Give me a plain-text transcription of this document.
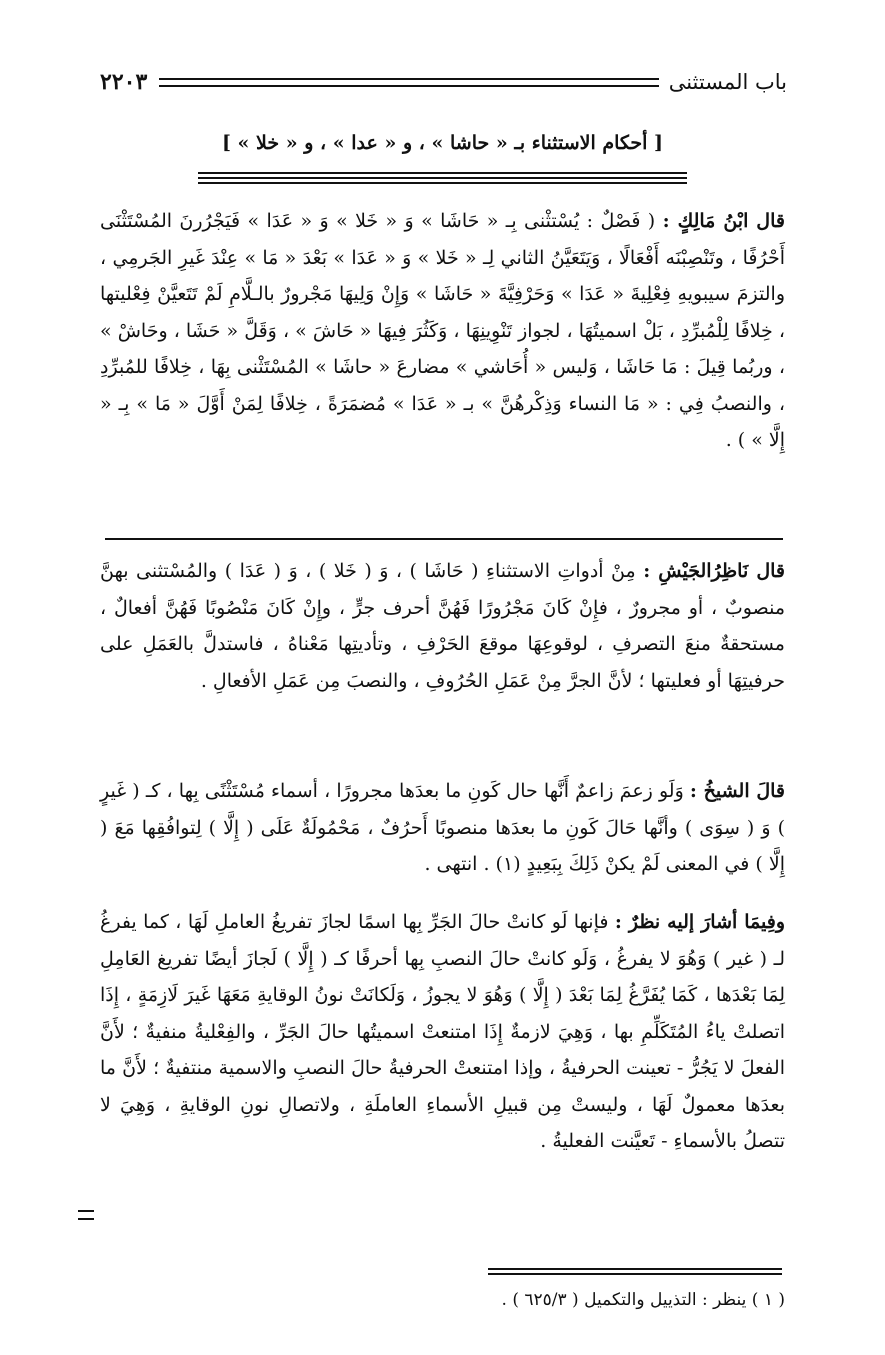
باب المستثنى
٢٢٠٣
[ أحكام الاستثناء بـ « حاشا » ، و « عدا » ، و « خلا » ]
قال ابْنُ مَالِكٍ : ( فَصْلٌ : يُسْتثْنى بِـ « حَاشَا » وَ « خَلا » وَ « عَدَا » فَيَجْرُرنَ المُسْتَثْنَى أَحْرُفًا ، وتَنْصِبْنَه أَفْعَالًا ، وَيَتَعَيَّنُ الثاني لِـ « خَلا » وَ « عَدَا » بَعْدَ « مَا » عِنْدَ غَيرِ الجَرمِي ، والتزمَ سيبويهِ فِعْلِيةَ « عَدَا » وَحَرْفِيَّةَ « حَاشَا » وَإِنْ وَلِيهَا مَجْرورٌ بالـلَّامِ لَمْ تَتَعيَّنْ فِعْليتها ، خِلافًا لِلْمُبرِّدِ ، بَلْ اسميتُهَا ، لجواز تَنْوِينِهَا ، وَكَثُرَ فِيهَا « حَاشَ » ، وَقَلَّ « حَشَا ، وحَاشْ » ، وربُما قِيلَ : مَا حَاشَا ، وَليس « أُحَاشي » مضارعَ « حاشَا » المُسْتَثْنى بِهَا ، خِلافًا للمُبرِّدِ ، والنصبُ فِي : « مَا النساء وَذِكْرهُنَّ » بـ « عَدَا » مُضمَرَةً ، خِلافًا لِمَنْ أَوَّلَ « مَا » بِـ « إِلَّا » ) .
قال نَاظِرُالجَيْشِ : مِنْ أدواتِ الاستثناءِ ( حَاشَا ) ، وَ ( خَلا ) ، وَ ( عَدَا ) والمُسْتثنى بهنَّ منصوبٌ ، أو مجرورٌ ، فإِنْ كَانَ مَجْرُورًا فَهُنَّ أحرف جرٍّ ، وإِنْ كَانَ مَنْصُوبًا فَهُنَّ أفعالٌ ، مستحقةٌ منعَ التصرفِ ، لوقوعِهَا موقعَ الحَرْفِ ، وتأديتِها مَعْناهُ ، فاستدلَّ بالعَمَلِ على حرفيتِهَا أو فعليتها ؛ لأنَّ الجرَّ مِنْ عَمَلِ الحُرُوفِ ، والنصبَ مِن عَمَلِ الأفعالِ .
قالَ الشيخُ : وَلَو زعمَ زاعمٌ أَنَّها حال كَونِ ما بعدَها مجرورًا ، أسماء مُسْتَثْنًى بِها ، كـ ( غَيرٍ ) وَ ( سِوَى ) وأنَّها حَالَ كَونِ ما بعدَها منصوبًا أَحرُفٌ ، مَحْمُولَةٌ عَلَى ( إِلَّا ) لِتوافُقِها مَعَ ( إِلَّا ) في المعنى لَمْ يكنْ ذَلِكَ بِبَعِيدٍ (١) . انتهى .
وفِيمَا أشارَ إليه نظرٌ : فإنها لَو كانتْ حالَ الجَرِّ بِها اسمًا لجازَ تفريغُ العاملِ لَهَا ، كما يفرغُ لـ ( غير ) وَهُوَ لا يفرغُ ، وَلَو كانتْ حالَ النصبِ بِها أحرفًا كـ ( إِلَّا ) لَجازَ أيضًا تفريغ العَامِلِ لِمَا بَعْدَها ، كَمَا يُفَرَّغُ لِمَا بَعْدَ ( إِلَّا ) وَهُوَ لا يجوزُ ، وَلَكانَتْ نونُ الوقايةِ مَعَهَا غَيرَ لَازِمَةٍ ، إِذَا اتصلتْ ياءُ المُتَكَلِّمِ بها ، وَهِيَ لازمةٌ إِذَا امتنعتْ اسميتُها حالَ الجَرِّ ، والفِعْليةُ منفيةٌ ؛ لأَنَّ الفعلَ لا يَجُرُّ - تعينت الحرفيةُ ، وإذا امتنعتْ الحرفيةُ حالَ النصبِ والاسمية منتفيةٌ ؛ لأَنَّ ما بعدَها معمولٌ لَهَا ، وليستْ مِن قبيلِ الأسماءِ العاملَةِ ، ولاتصالِ نونِ الوقايةِ ، وَهِيَ لا تتصلُ بالأسماءِ - تَعيَّنت الفعليةُ .
( ١ ) ينظر : التذييل والتكميل ( ٦٢٥/٣ ) .
